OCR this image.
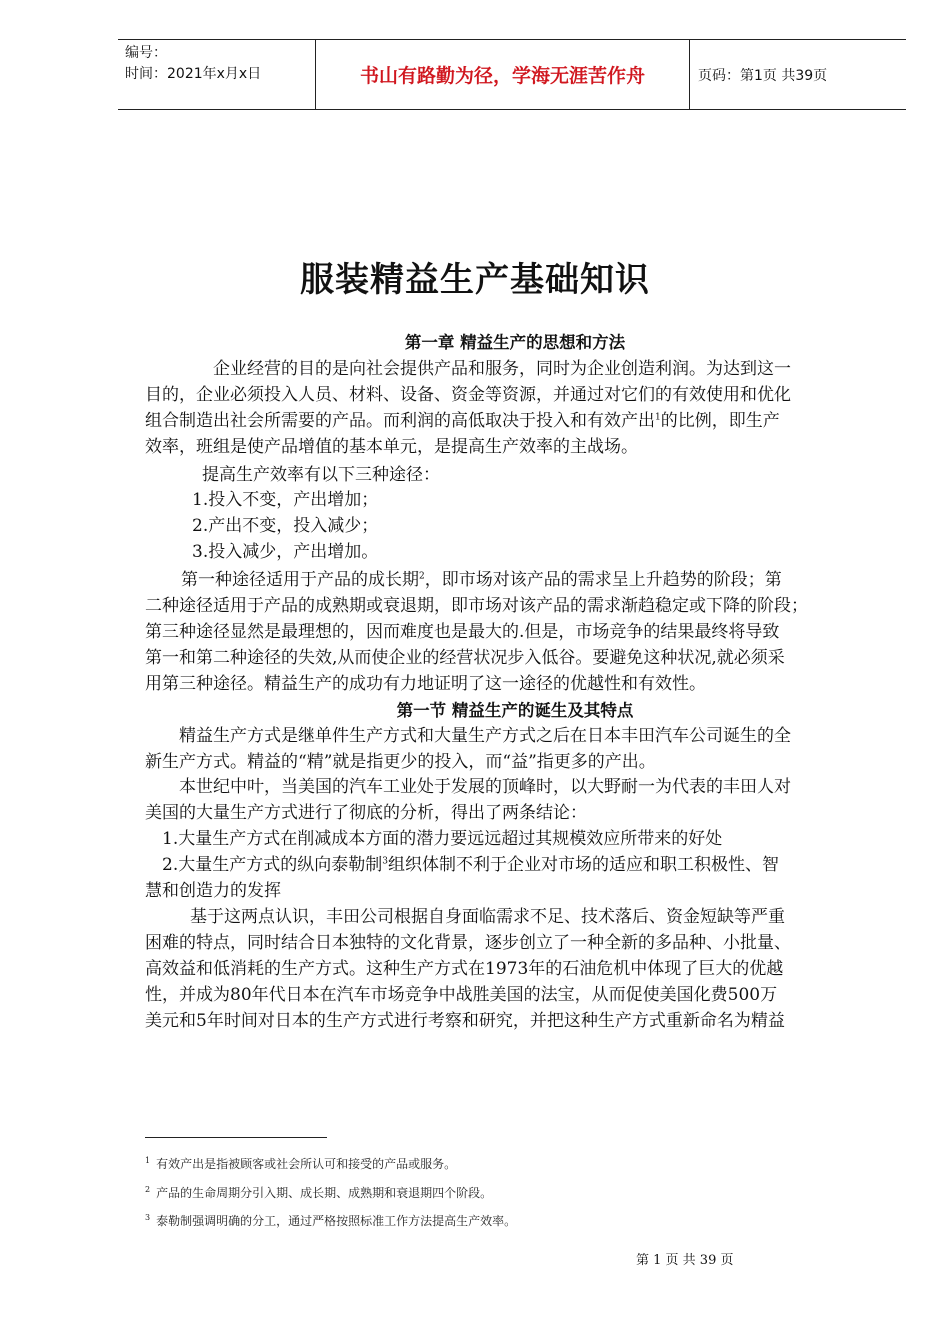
编号：
时间：2021年x月x日	书山有路勤为径，学海无涯苦作舟	页码：第1页 共39页
服装精益生产基础知识

第一章 精益生产的思想和方法

企业经营的目的是向社会提供产品和服务，同时为企业创造利润。为达到这一

目的，企业必须投入人员、材料、设备、资金等资源，并通过对它们的有效使用和优化

组合制造出社会所需要的产品。而利润的高低取决于投入和有效产出$^1$的比例，即生产

效率，班组是使产品增值的基本单元，是提高生产效率的主战场。

提高生产效率有以下三种途径：

1.投入不变，产出增加；

2.产出不变，投入减少；

3.投入减少，产出增加。

第一种途径适用于产品的成长期$^2$，即市场对该产品的需求呈上升趋势的阶段；第

二种途径适用于产品的成熟期或衰退期，即市场对该产品的需求渐趋稳定或下降的阶段；

第三种途径显然是最理想的，因而难度也是最大的.但是，市场竞争的结果最终将导致

第一和第二种途径的失效,从而使企业的经营状况步入低谷。要避免这种状况,就必须采

用第三种途径。精益生产的成功有力地证明了这一途径的优越性和有效性。

第一节 精益生产的诞生及其特点

精益生产方式是继单件生产方式和大量生产方式之后在日本丰田汽车公司诞生的全

新生产方式。精益的“精”就是指更少的投入，而“益”指更多的产出。

本世纪中叶，当美国的汽车工业处于发展的顶峰时，以大野耐一为代表的丰田人对

美国的大量生产方式进行了彻底的分析，得出了两条结论：

1.大量生产方式在削减成本方面的潜力要远远超过其规模效应所带来的好处

2.大量生产方式的纵向泰勒制$^3$组织体制不利于企业对市场的适应和职工积极性、智

慧和创造力的发挥

基于这两点认识，丰田公司根据自身面临需求不足、技术落后、资金短缺等严重

困难的特点，同时结合日本独特的文化背景，逐步创立了一种全新的多品种、小批量、

高效益和低消耗的生产方式。这种生产方式在1973年的石油危机中体现了巨大的优越

性，并成为80年代日本在汽车市场竞争中战胜美国的法宝，从而促使美国化费500万

美元和5年时间对日本的生产方式进行考察和研究，并把这种生产方式重新命名为精益

$^1$ 有效产出是指被顾客或社会所认可和接受的产品或服务。
$^2$ 产品的生命周期分引入期、成长期、成熟期和衰退期四个阶段。
$^3$ 泰勒制强调明确的分工，通过严格按照标准工作方法提高生产效率。
第 1 页 共 39 页
